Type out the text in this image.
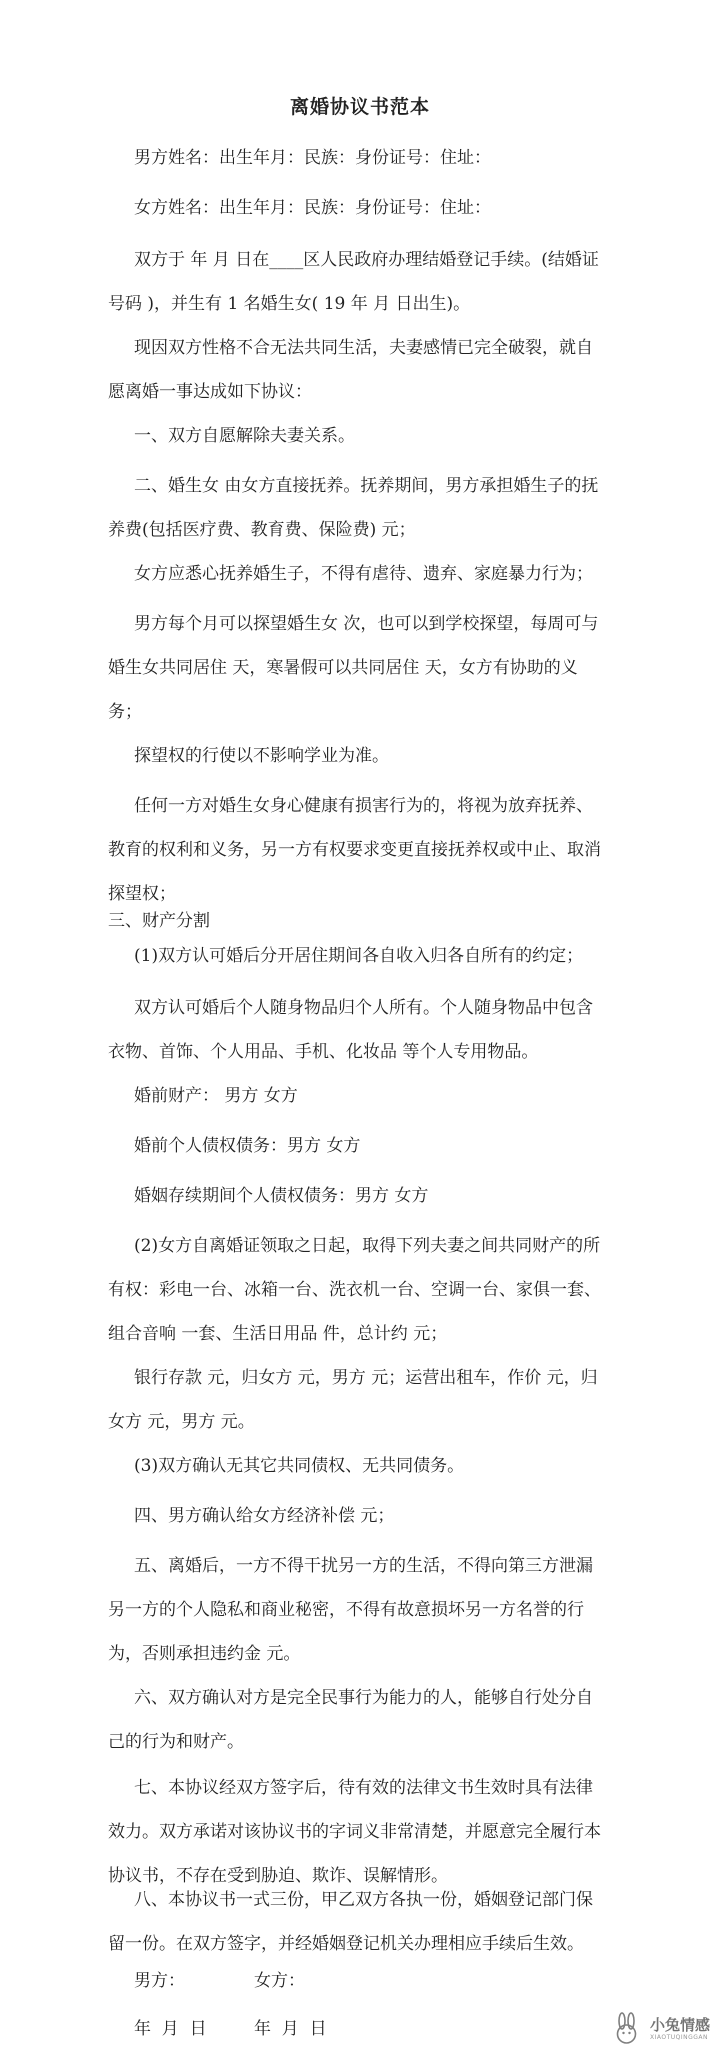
离婚协议书范本

男方姓名：出生年月：民族：身份证号：住址：

女方姓名：出生年月：民族：身份证号：住址：

双方于 年 月 日在____区人民政府办理结婚登记手续。(结婚证号码 )，并生有 1 名婚生女( 19 年 月 日出生)。

现因双方性格不合无法共同生活，夫妻感情已完全破裂，就自愿离婚一事达成如下协议：

一、双方自愿解除夫妻关系。

二、婚生女 由女方直接抚养。抚养期间，男方承担婚生子的抚养费(包括医疗费、教育费、保险费) 元；

女方应悉心抚养婚生子，不得有虐待、遗弃、家庭暴力行为；

男方每个月可以探望婚生女 次，也可以到学校探望，每周可与婚生女共同居住 天，寒暑假可以共同居住 天，女方有协助的义务；

探望权的行使以不影响学业为准。

任何一方对婚生女身心健康有损害行为的，将视为放弃抚养、教育的权利和义务，另一方有权要求变更直接抚养权或中止、取消探望权；

三、财产分割

(1)双方认可婚后分开居住期间各自收入归各自所有的约定；

双方认可婚后个人随身物品归个人所有。个人随身物品中包含衣物、首饰、个人用品、手机、化妆品 等个人专用物品。

婚前财产： 男方 女方

婚前个人债权债务：男方 女方

婚姻存续期间个人债权债务：男方 女方

(2)女方自离婚证领取之日起，取得下列夫妻之间共同财产的所有权：彩电一台、冰箱一台、洗衣机一台、空调一台、家俱一套、 组合音响 一套、生活日用品 件，总计约 元；

银行存款 元，归女方 元，男方 元；运营出租车，作价 元，归女方 元，男方 元。

(3)双方确认无其它共同债权、无共同债务。

四、男方确认给女方经济补偿 元；

五、离婚后，一方不得干扰另一方的生活，不得向第三方泄漏另一方的个人隐私和商业秘密，不得有故意损坏另一方名誉的行为，否则承担违约金 元。

六、双方确认对方是完全民事行为能力的人，能够自行处分自己的行为和财产。

七、本协议经双方签字后，待有效的法律文书生效时具有法律效力。双方承诺对该协议书的字词义非常清楚，并愿意完全履行本协议书，不存在受到胁迫、欺诈、误解情形。

八、本协议书一式三份，甲乙双方各执一份，婚姻登记部门保留一份。在双方签字，并经婚姻登记机关办理相应手续后生效。

男方：	女方：
年  月  日	年  月  日	小兔情感
XIAOTUQINGGAN
